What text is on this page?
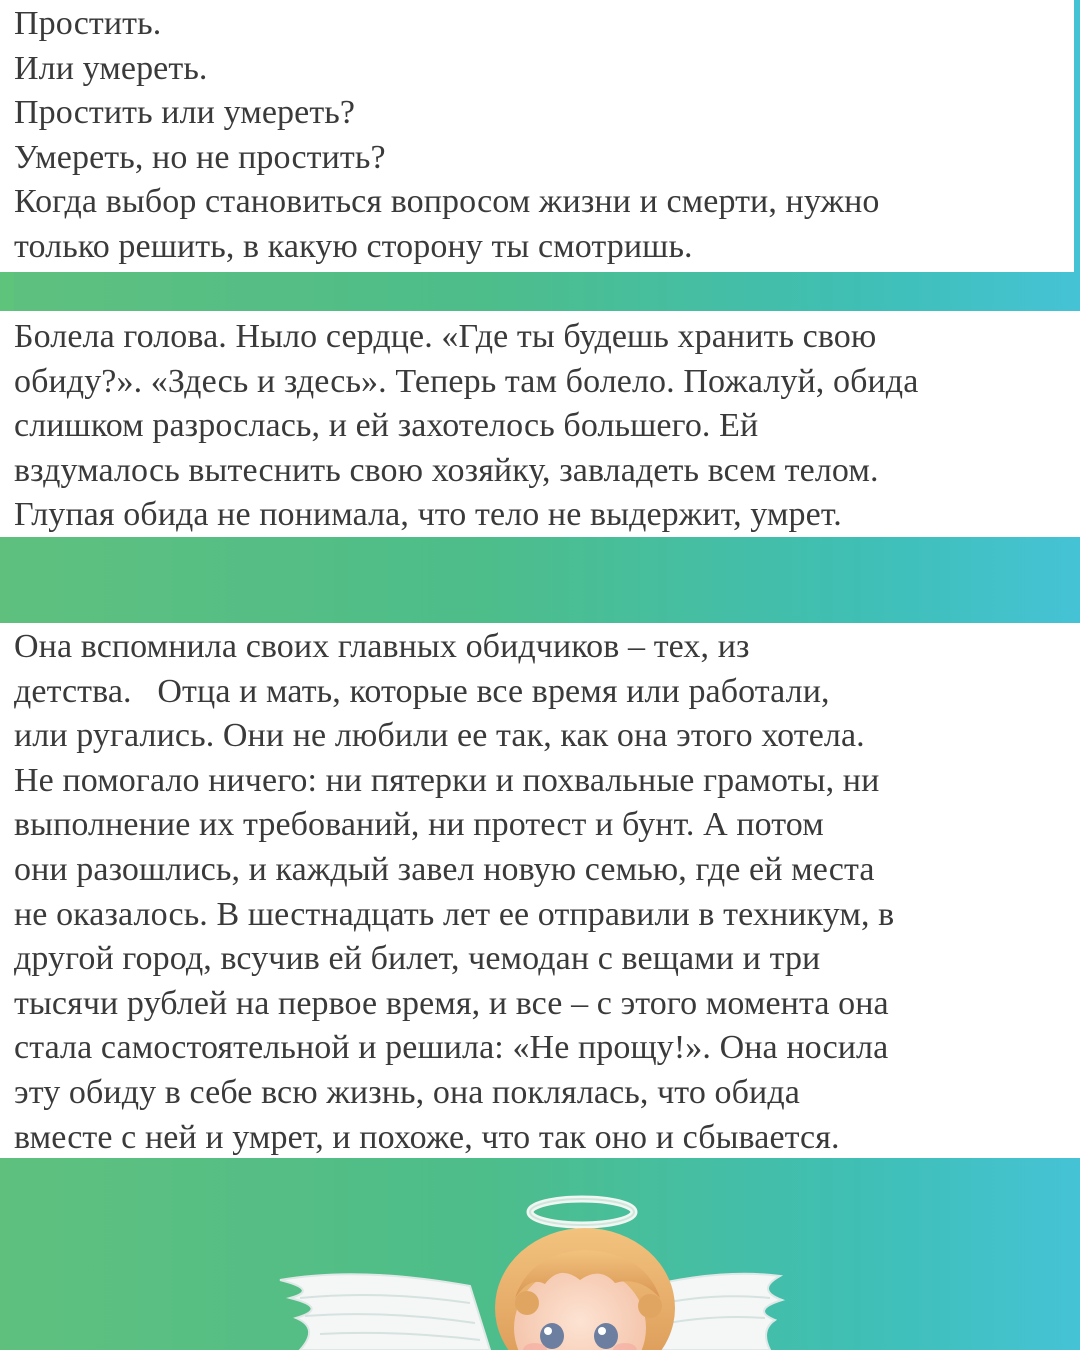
Простить.

Или умереть.

Простить или умереть?

Умереть, но не простить?

Когда выбор становиться вопросом жизни и смерти, нужно

только решить, в какую сторону ты смотришь.

Болела голова. Ныло сердце. «Где ты будешь хранить свою

обиду?». «Здесь и здесь». Теперь там болело. Пожалуй, обида

слишком разрослась, и ей захотелось большего. Ей

вздумалось вытеснить свою хозяйку, завладеть всем телом.

Глупая обида не понимала, что тело не выдержит, умрет.

Она вспомнила своих главных обидчиков – тех, из

детства.   Отца и мать, которые все время или работали,

или ругались. Они не любили ее так, как она этого хотела.

Не помогало ничего: ни пятерки и похвальные грамоты, ни

выполнение их требований, ни протест и бунт. А потом

они разошлись, и каждый завел новую семью, где ей места

не оказалось. В шестнадцать лет ее отправили в техникум, в

другой город, всучив ей билет, чемодан с вещами и три

тысячи рублей на первое время, и все – с этого момента она

стала самостоятельной и решила: «Не прощу!». Она носила

эту обиду в себе всю жизнь, она поклялась, что обида

вместе с ней и умрет, и похоже, что так оно и сбывается.
